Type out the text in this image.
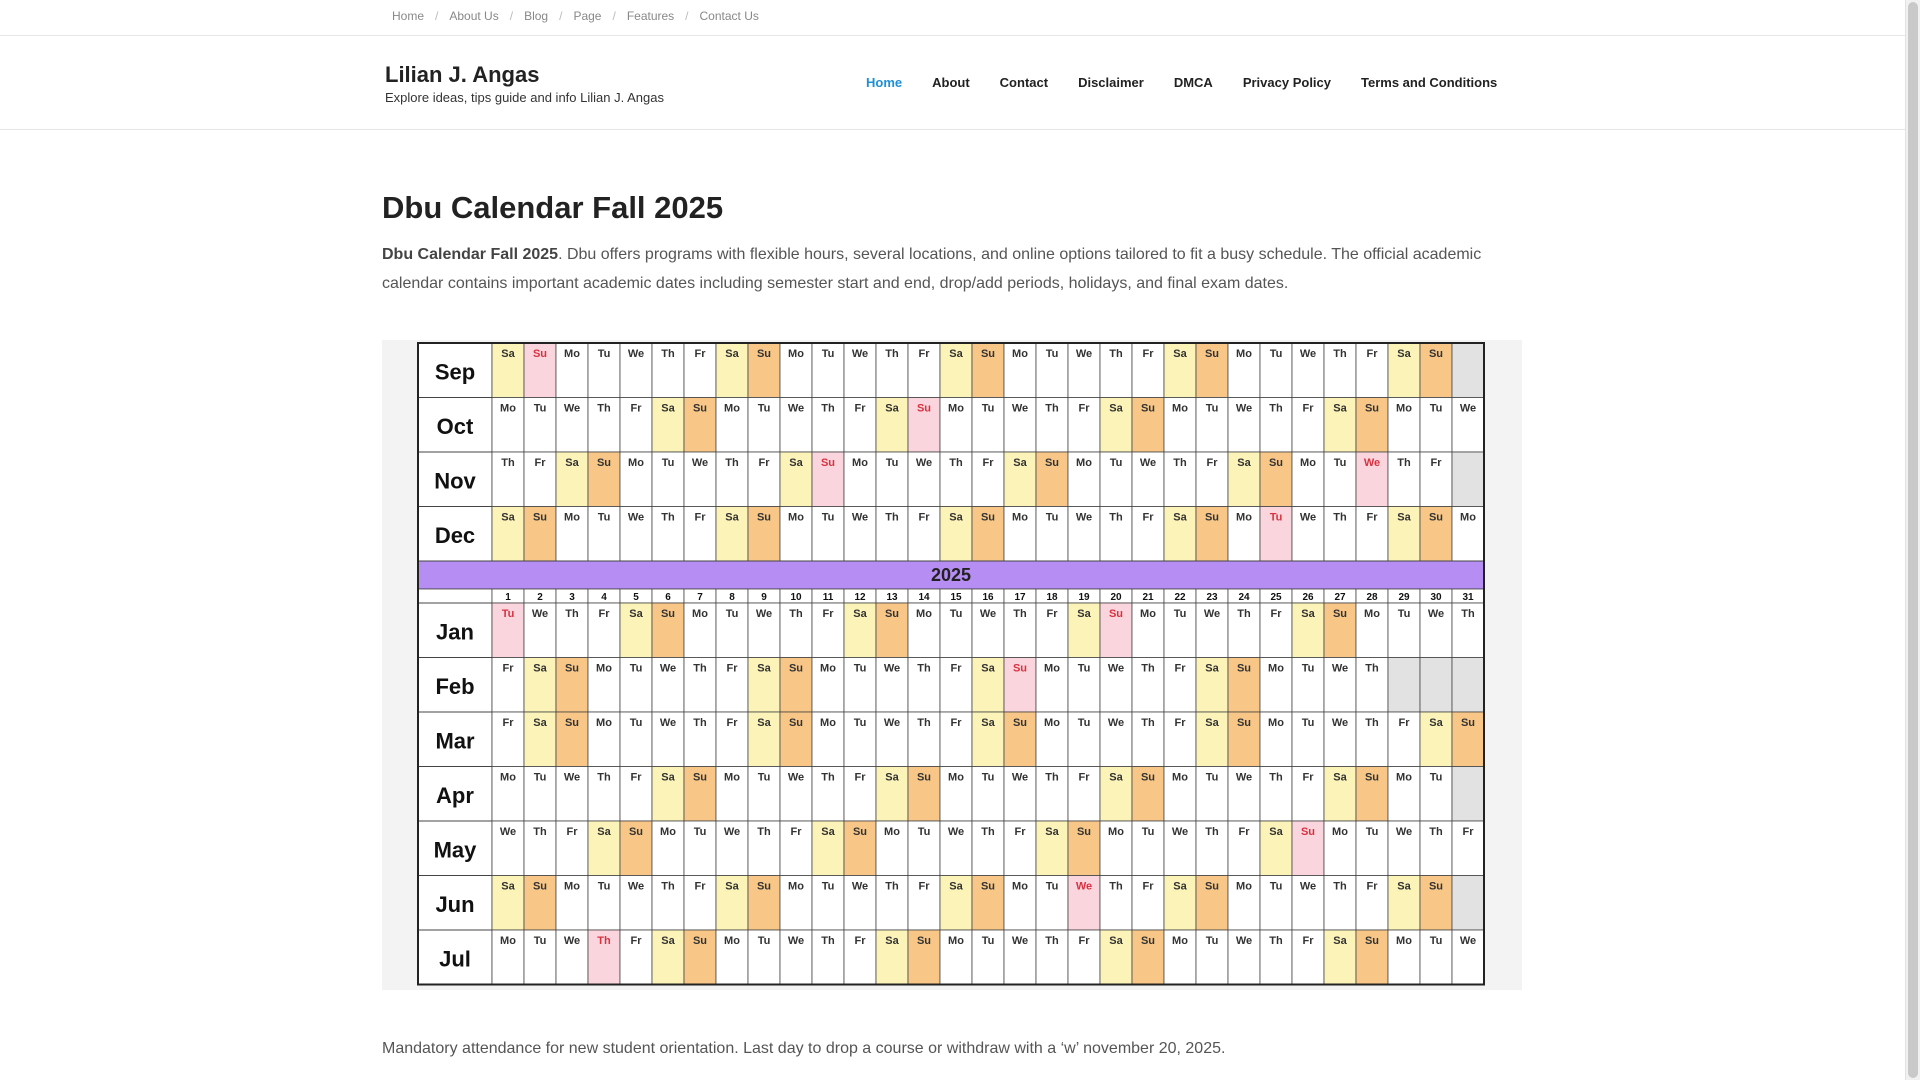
Home / About Us / Blog / Page / Features / Contact Us
Lilian J. Angas
Explore ideas, tips guide and info Lilian J. Angas
Home About Contact Disclaimer DMCA Privacy Policy Terms and Conditions
Dbu Calendar Fall 2025

Dbu Calendar Fall 2025. Dbu offers programs with flexible hours, several locations, and online options tailored to fit a busy schedule. The official academic calendar contains important academic dates including semester start and end, drop/add periods, holidays, and final exam dates.

Sep
Sa Su Mo Tu We Th Fr Sa Su Mo Tu We Th Fr Sa Su Mo Tu We Th Fr Sa Su Mo Tu We Th Fr Sa Su
Oct
Mo Tu We Th Fr Sa Su Mo Tu We Th Fr Sa Su Mo Tu We Th Fr Sa Su Mo Tu We Th Fr Sa Su Mo Tu We
Nov
Th Fr Sa Su Mo Tu We Th Fr Sa Su Mo Tu We Th Fr Sa Su Mo Tu We Th Fr Sa Su Mo Tu We Th Fr
Dec
Sa Su Mo Tu We Th Fr Sa Su Mo Tu We Th Fr Sa Su Mo Tu We Th Fr Sa Su Mo Tu We Th Fr Sa Su Mo
2025
1	2	3	4	5	6	7	8	9 10 11 12 13 14 15 16 17 18 19 20 21 22 23 24 25 26 27 28 29 30 31
Jan
Tu We Th Fr Sa Su Mo Tu We Th Fr Sa Su Mo Tu We Th Fr Sa Su Mo Tu We Th Fr Sa Su Mo Tu We Th
Feb
Fr Sa Su Mo Tu We Th Fr Sa Su Mo Tu We Th Fr Sa Su Mo Tu We Th Fr Sa Su Mo Tu We Th
Mar
Fr Sa Su Mo Tu We Th Fr Sa Su Mo Tu We Th Fr Sa Su Mo Tu We Th Fr Sa Su Mo Tu We Th Fr Sa Su
Apr
Mo Tu We Th Fr Sa Su Mo Tu We Th Fr Sa Su Mo Tu We Th Fr Sa Su Mo Tu We Th Fr Sa Su Mo Tu
May
We Th Fr Sa Su Mo Tu We Th Fr Sa Su Mo Tu We Th Fr Sa Su Mo Tu We Th Fr Sa Su Mo Tu We Th Fr
Jun
Sa Su Mo Tu We Th Fr Sa Su Mo Tu We Th Fr Sa Su Mo Tu We Th Fr Sa Su Mo Tu We Th Fr Sa Su
Jul
Mo Tu We Th Fr Sa Su Mo Tu We Th Fr Sa Su Mo Tu We Th Fr Sa Su Mo Tu We Th Fr Sa Su Mo Tu We

Mandatory attendance for new student orientation. Last day to drop a course or withdraw with a ‘w’ november 20, 2025.
